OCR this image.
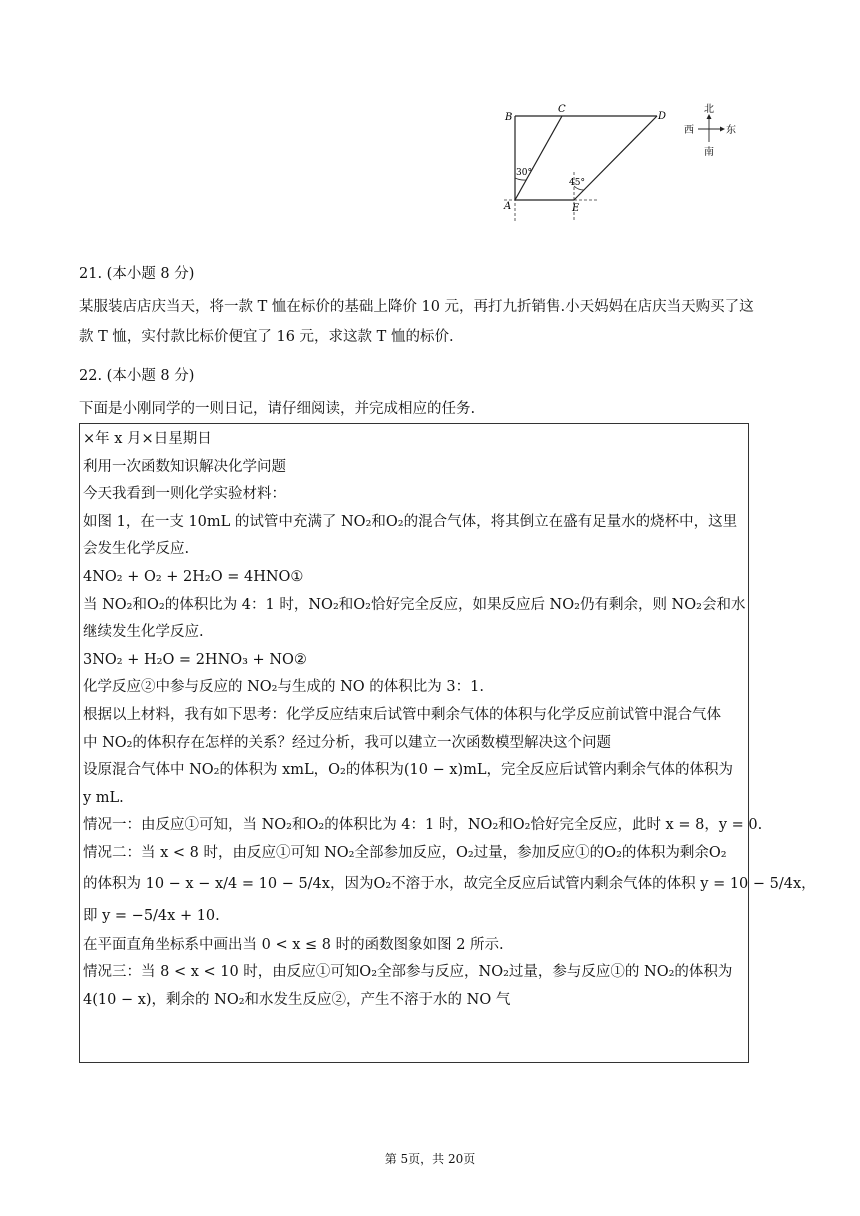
B
C
D
A	E
30°
45°
北
南
西	东
21. (本小题 8 分)
某服装店店庆当天，将一款 T 恤在标价的基础上降价 10 元，再打九折销售.小天妈妈在店庆当天购买了这
款 T 恤，实付款比标价便宜了 16 元，求这款 T 恤的标价.
22. (本小题 8 分)
下面是小刚同学的一则日记，请仔细阅读，并完成相应的任务.
×年 x 月×日星期日
利用一次函数知识解决化学问题
今天我看到一则化学实验材料：
如图 1，在一支 10mL 的试管中充满了 NO₂和O₂的混合气体，将其倒立在盛有足量水的烧杯中，这里
会发生化学反应.
4NO₂ + O₂ + 2H₂O = 4HNO①
当 NO₂和O₂的体积比为 4：1 时，NO₂和O₂恰好完全反应，如果反应后 NO₂仍有剩余，则 NO₂会和水
继续发生化学反应.
3NO₂ + H₂O = 2HNO₃ + NO②
化学反应②中参与反应的 NO₂与生成的 NO 的体积比为 3：1.
根据以上材料，我有如下思考：化学反应结束后试管中剩余气体的体积与化学反应前试管中混合气体
中 NO₂的体积存在怎样的关系？经过分析，我可以建立一次函数模型解决这个问题
设原混合气体中 NO₂的体积为 xmL，O₂的体积为(10 − x)mL，完全反应后试管内剩余气体的体积为
y mL.
情况一：由反应①可知，当 NO₂和O₂的体积比为 4：1 时，NO₂和O₂恰好完全反应，此时 x = 8，y = 0.
情况二：当 x < 8 时，由反应①可知 NO₂全部参加反应，O₂过量，参加反应①的O₂的体积为剩余O₂
的体积为 10 − x − x/4 = 10 − 5/4x，因为O₂不溶于水，故完全反应后试管内剩余气体的体积 y = 10 − 5/4x，
即 y = −5/4x + 10.
在平面直角坐标系中画出当 0 < x ≤ 8 时的函数图象如图 2 所示.
情况三：当 8 < x < 10 时，由反应①可知O₂全部参与反应，NO₂过量，参与反应①的 NO₂的体积为
4(10 − x)，剩余的 NO₂和水发生反应②，产生不溶于水的 NO 气
第 5页，共 20页
